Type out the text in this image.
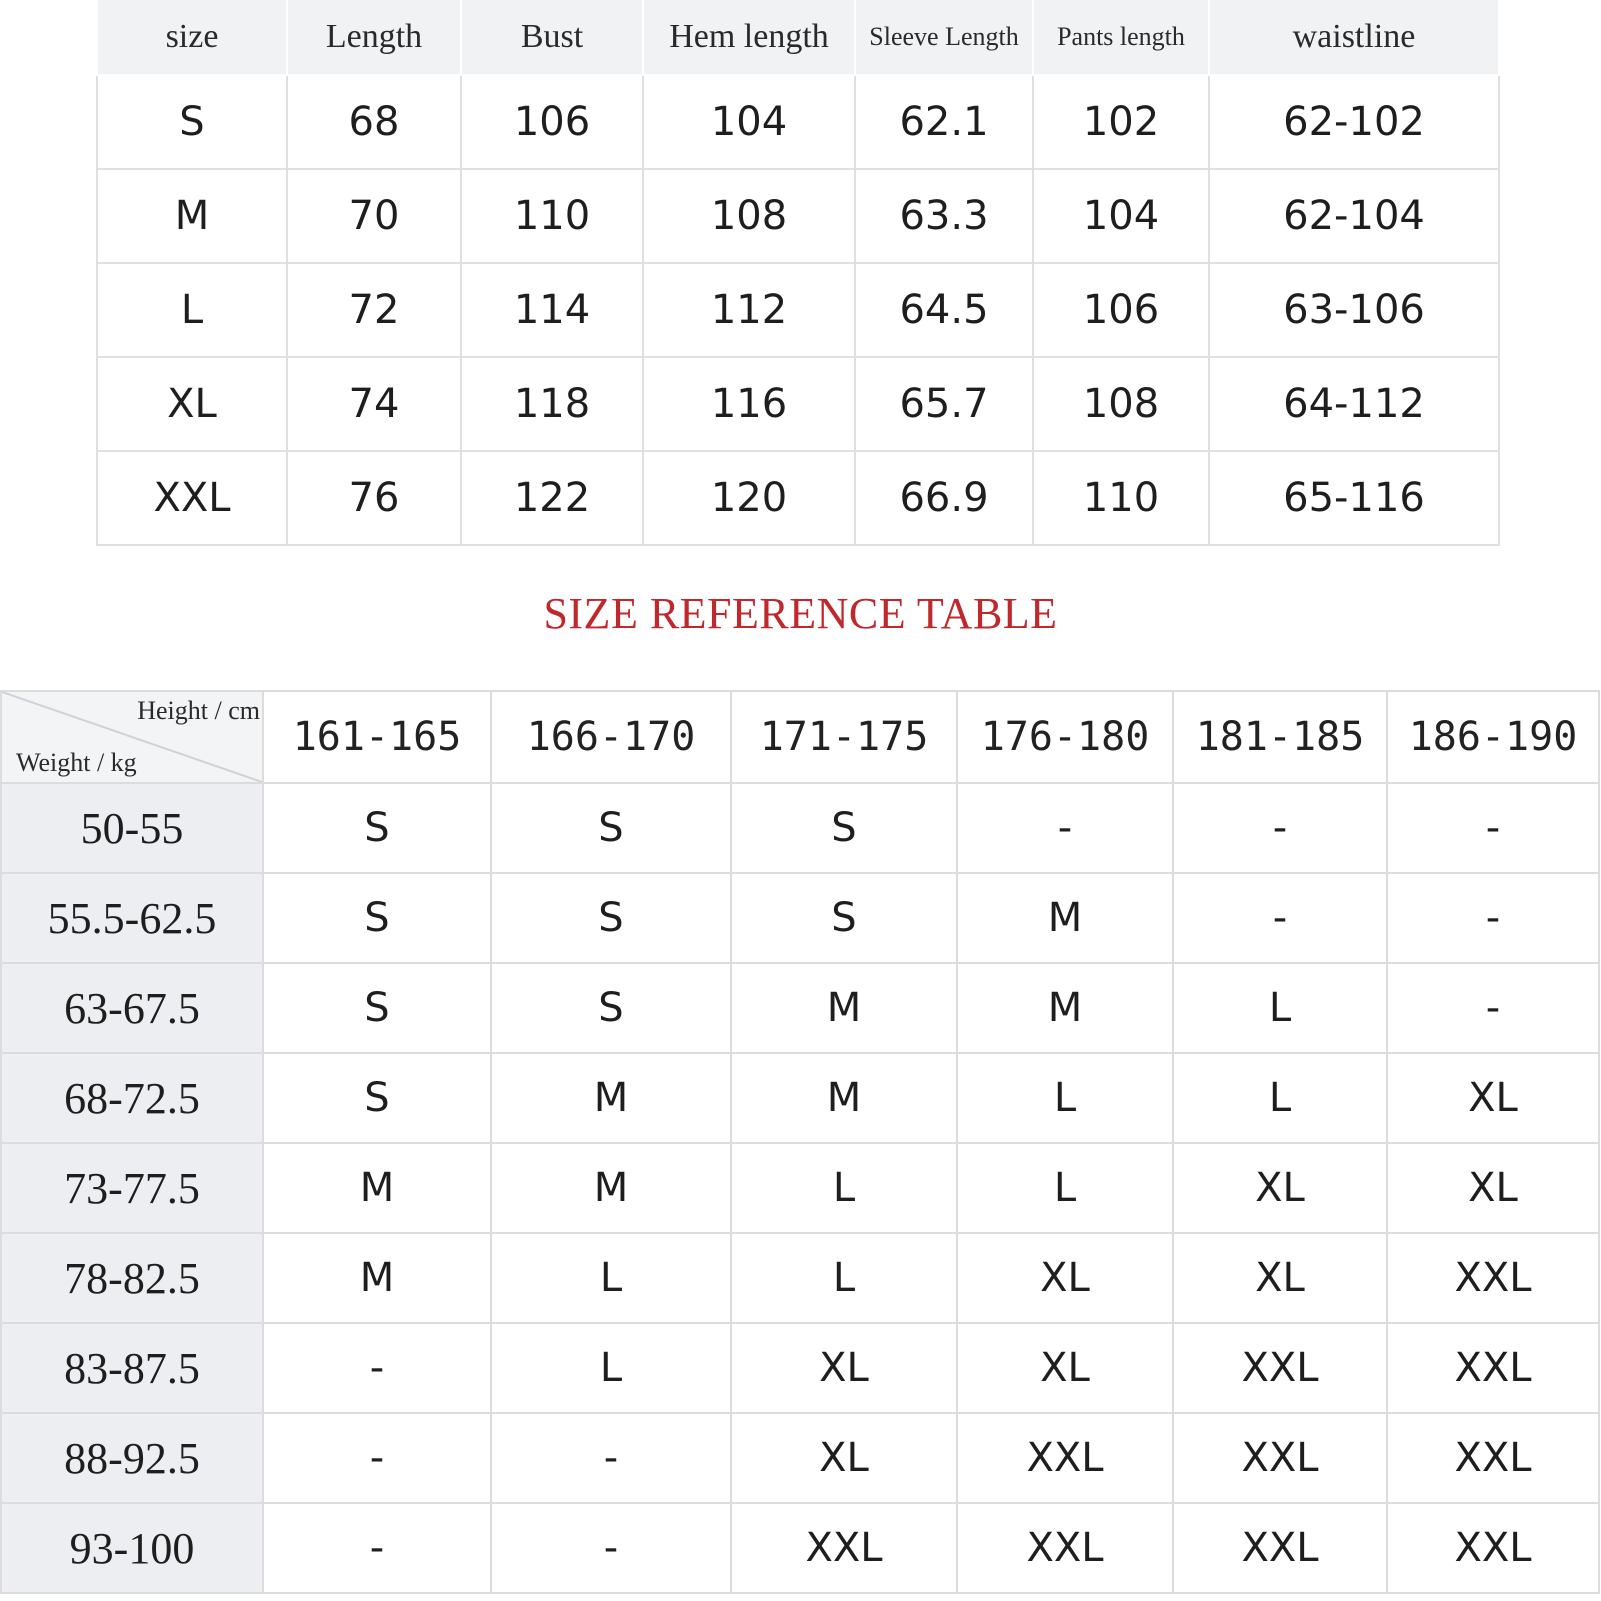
size	Length	Bust	Hem length	Sleeve Length	Pants length	waistline
S	68	106	104	62.1	102	62-102
M	70	110	108	63.3	104	62-104
L	72	114	112	64.5	106	63-106
XL	74	118	116	65.7	108	64-112
XXL	76	122	120	66.9	110	65-116
SIZE REFERENCE TABLE
Height / cm
Weight / kg	161-165	166-170	171-175	176-180	181-185	186-190
50-55	S	S	S	-	-	-
55.5-62.5	S	S	S	M	-	-
63-67.5	S	S	M	M	L	-
68-72.5	S	M	M	L	L	XL
73-77.5	M	M	L	L	XL	XL
78-82.5	M	L	L	XL	XL	XXL
83-87.5	-	L	XL	XL	XXL	XXL
88-92.5	-	-	XL	XXL	XXL	XXL
93-100	-	-	XXL	XXL	XXL	XXL
